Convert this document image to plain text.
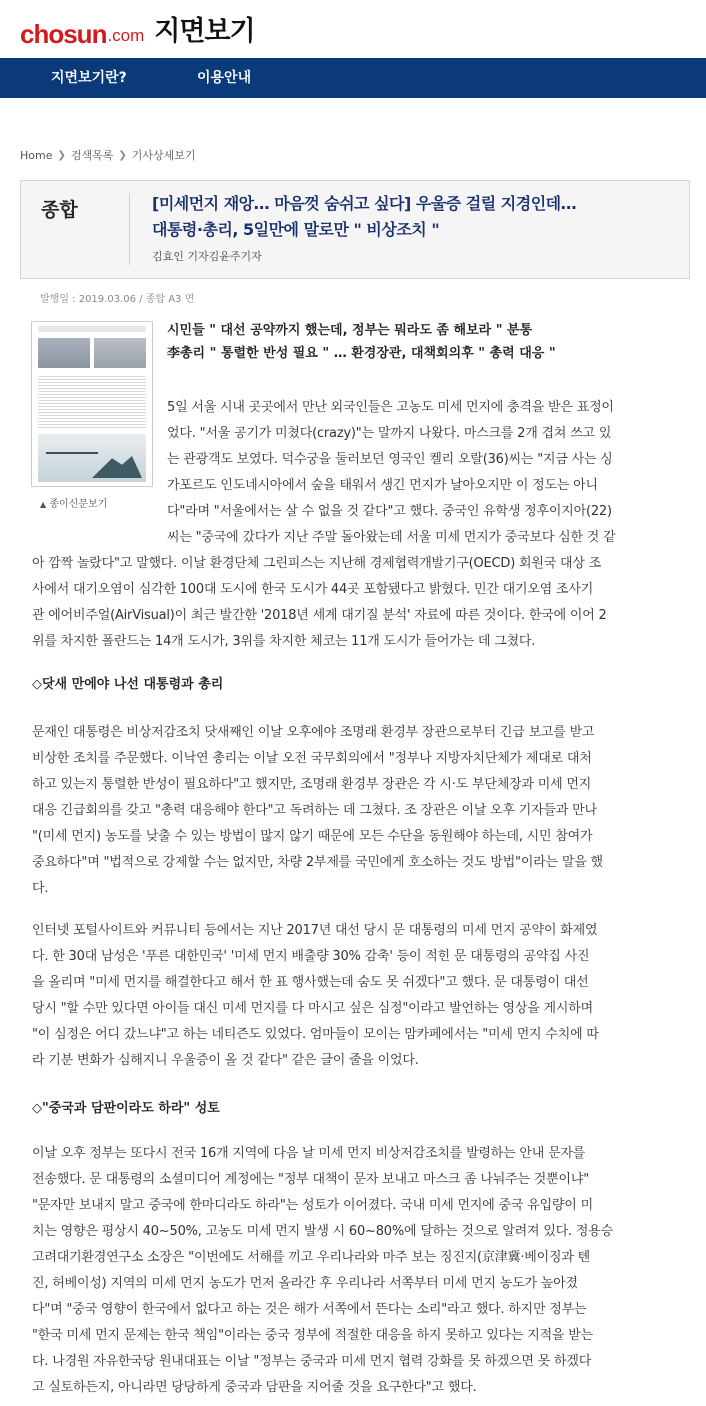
chosun .com 지면보기
지면보기란?	이용안내
Home ❯ 검색목록 ❯ 기사상세보기
종합	[미세먼지 재앙… 마음껏 숨쉬고 싶다] 우울증 걸릴 지경인데…
대통령·총리, 5일만에 말로만 " 비상조치 "
김효인 기자김윤주기자
발행일 : 2019.03.06 / 종합 A3 면
▲ 종이신문보기
시민들 " 대선 공약까지 했는데, 정부는 뭐라도 좀 해보라 " 분통
李총리 " 통렬한 반성 필요 " … 환경장관, 대책회의후 " 총력 대응 "
5일 서울 시내 곳곳에서 만난 외국인들은 고농도 미세 먼지에 충격을 받은 표정이
었다. "서울 공기가 미쳤다(crazy)"는 말까지 나왔다. 마스크를 2개 겹쳐 쓰고 있
는 관광객도 보였다. 덕수궁을 둘러보던 영국인 켈리 오랄(36)씨는 "지금 사는 싱
가포르도 인도네시아에서 숲을 태워서 생긴 먼지가 날아오지만 이 정도는 아니
다"라며 "서울에서는 살 수 없을 것 같다"고 했다. 중국인 유학생 정후이지아(22)
씨는 "중국에 갔다가 지난 주말 돌아왔는데 서울 미세 먼지가 중국보다 심한 것 같
아 깜짝 놀랐다"고 말했다. 이날 환경단체 그린피스는 지난해 경제협력개발기구(OECD) 회원국 대상 조
사에서 대기오염이 심각한 100대 도시에 한국 도시가 44곳 포함됐다고 밝혔다. 민간 대기오염 조사기
관 에어비주얼(AirVisual)이 최근 발간한 '2018년 세계 대기질 분석' 자료에 따른 것이다. 한국에 이어 2
위를 차지한 폴란드는 14개 도시가, 3위를 차지한 체코는 11개 도시가 들어가는 데 그쳤다.
◇닷새 만에야 나선 대통령과 총리
문재인 대통령은 비상저감조치 닷새째인 이날 오후에야 조명래 환경부 장관으로부터 긴급 보고를 받고
비상한 조치를 주문했다. 이낙연 총리는 이날 오전 국무회의에서 "정부나 지방자치단체가 제대로 대처
하고 있는지 통렬한 반성이 필요하다"고 했지만, 조명래 환경부 장관은 각 시·도 부단체장과 미세 먼지
대응 긴급회의를 갖고 "총력 대응해야 한다"고 독려하는 데 그쳤다. 조 장관은 이날 오후 기자들과 만나
"(미세 먼지) 농도를 낮출 수 있는 방법이 많지 않기 때문에 모든 수단을 동원해야 하는데, 시민 참여가
중요하다"며 "법적으로 강제할 수는 없지만, 차량 2부제를 국민에게 호소하는 것도 방법"이라는 말을 했
다.
인터넷 포털사이트와 커뮤니티 등에서는 지난 2017년 대선 당시 문 대통령의 미세 먼지 공약이 화제였
다. 한 30대 남성은 '푸른 대한민국' '미세 먼지 배출량 30% 감축' 등이 적힌 문 대통령의 공약집 사진
을 올리며 "미세 먼지를 해결한다고 해서 한 표 행사했는데 숨도 못 쉬겠다"고 했다. 문 대통령이 대선
당시 "할 수만 있다면 아이들 대신 미세 먼지를 다 마시고 싶은 심정"이라고 발언하는 영상을 게시하며
"이 심정은 어디 갔느냐"고 하는 네티즌도 있었다. 엄마들이 모이는 맘카페에서는 "미세 먼지 수치에 따
라 기분 변화가 심해지니 우울증이 올 것 같다" 같은 글이 줄을 이었다.
◇"중국과 담판이라도 하라" 성토
이날 오후 정부는 또다시 전국 16개 지역에 다음 날 미세 먼지 비상저감조치를 발령하는 안내 문자를
전송했다. 문 대통령의 소셜미디어 계정에는 "정부 대책이 문자 보내고 마스크 좀 나눠주는 것뿐이냐"
"문자만 보내지 말고 중국에 한마디라도 하라"는 성토가 이어졌다. 국내 미세 먼지에 중국 유입량이 미
치는 영향은 평상시 40~50%, 고농도 미세 먼지 발생 시 60~80%에 달하는 것으로 알려져 있다. 정용승
고려대기환경연구소 소장은 "이번에도 서해를 끼고 우리나라와 마주 보는 징진지(京津冀·베이징과 톈
진, 허베이성) 지역의 미세 먼지 농도가 먼저 올라간 후 우리나라 서쪽부터 미세 먼지 농도가 높아졌
다"며 "중국 영향이 한국에서 없다고 하는 것은 해가 서쪽에서 뜬다는 소리"라고 했다. 하지만 정부는
"한국 미세 먼지 문제는 한국 책임"이라는 중국 정부에 적절한 대응을 하지 못하고 있다는 지적을 받는
다. 나경원 자유한국당 원내대표는 이날 "정부는 중국과 미세 먼지 협력 강화를 못 하겠으면 못 하겠다
고 실토하든지, 아니라면 당당하게 중국과 담판을 지어줄 것을 요구한다"고 했다.
